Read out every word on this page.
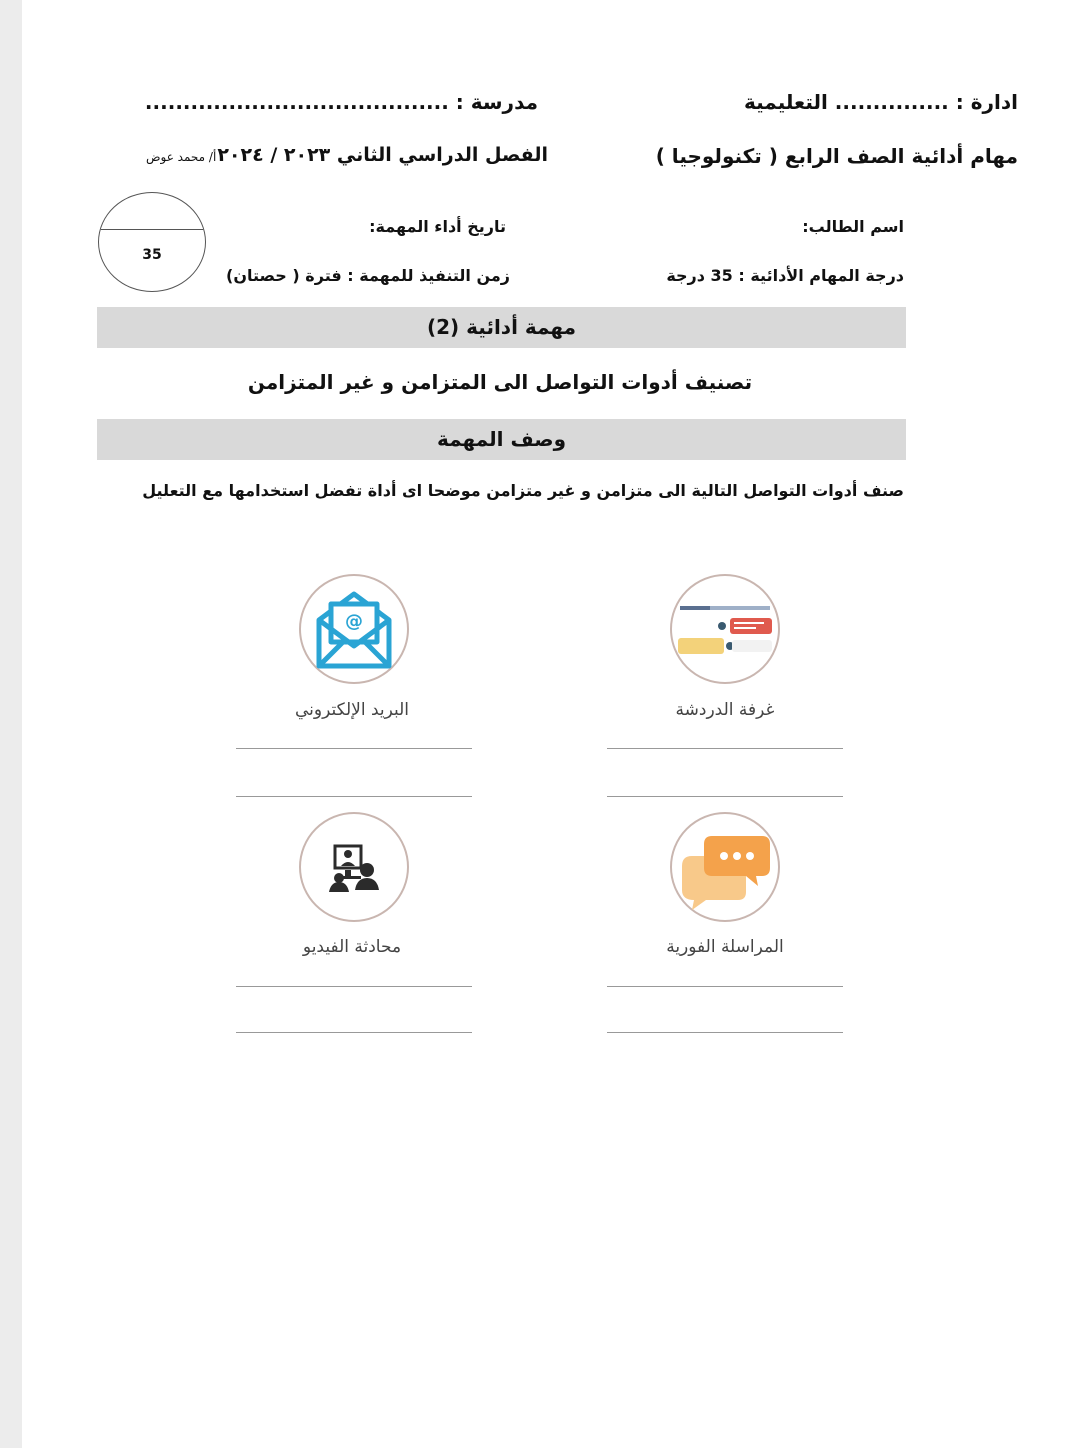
ادارة : ............... التعليمية
مدرسة : ........................................
مهام أدائية الصف الرابع ( تكنولوجيا )
الفصل الدراسي الثاني ٢٠٢٣ / ٢٠٢٤
أ/ محمد عوض
اسم الطالب:
تاريخ أداء المهمة:
درجة المهام الأدائية : 35 درجة
زمن التنفيذ للمهمة : فترة ( حصتان)
35
مهمة أدائية (2)
تصنيف أدوات التواصل الى المتزامن و غير المتزامن
وصف المهمة
صنف أدوات التواصل التالية الى متزامن و غير متزامن موضحا اى أداة تفضل استخدامها مع التعليل
غرفة الدردشة
@
البريد الإلكتروني
المراسلة الفورية
محادثة الفيديو
